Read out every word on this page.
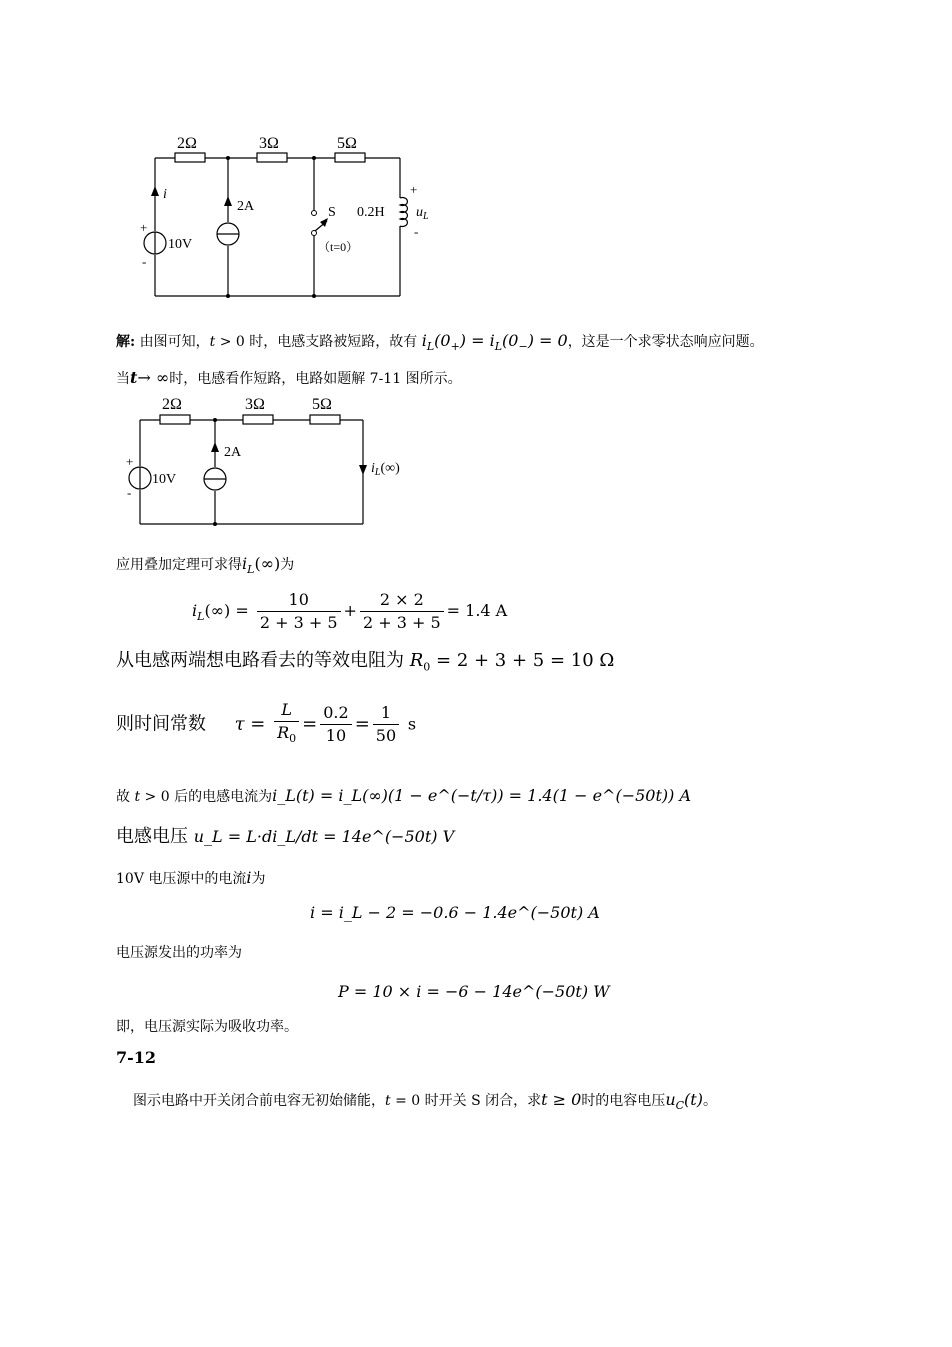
2Ω	3Ω	5Ω
i
+
-
10V
2A	S
（t=0）
0.2H
+
-
$u_L$
解: 由图可知，t > 0 时，电感支路被短路，故有 $i_L(0_+) = i_L(0_-) = 0$，这是一个求零状态响应问题。
当t→ ∞时，电感看作短路，电路如题解 7-11 图所示。
2Ω	3Ω	5Ω
2A
+
-
10V
$i_L(\infty)$
应用叠加定理可求得$i_L(\infty)$为
$i_L(\infty) = \frac{10}{2 + 3 + 5} + \frac{2 \times 2}{2 + 3 + 5} = 1.4$ A
从电感两端想电路看去的等效电阻为 $R_0 = 2 + 3 + 5 = 10$ Ω
则时间常数 $\tau = \frac{L}{R_0} = \frac{0.2}{10} = \frac{1}{50}$ s
故 t > 0 后的电感电流为i_L(t) = i_L(∞)(1 − e^(−t/τ)) = 1.4(1 − e^(−50t)) A
电感电压 u_L = L·di_L/dt = 14e^(−50t) V
10V 电压源中的电流i为
i = i_L − 2 = −0.6 − 1.4e^(−50t) A
电压源发出的功率为
P = 10 × i = −6 − 14e^(−50t) W
即，电压源实际为吸收功率。
7-12
图示电路中开关闭合前电容无初始储能，t = 0 时开关 S 闭合，求t ≥ 0时的电容电压$u_C(t)$。
